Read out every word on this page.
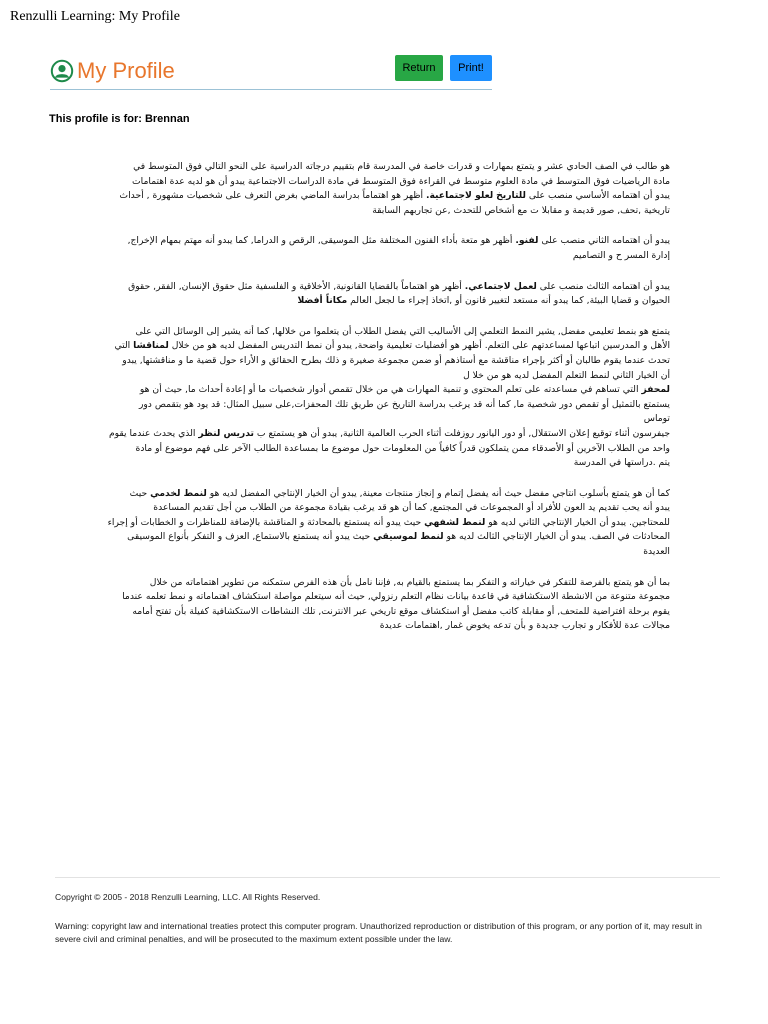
Renzulli Learning: My Profile
My Profile	Return	Print!
This profile is for: Brennan

هو طالب في الصف الحادي عشر و يتمتع بمهارات و قدرات خاصة في المدرسة قام بتقييم درجاته الدراسية على النحو التالي فوق المتوسط في

مادة الرياضيات فوق المتوسط في مادة العلوم متوسط في القراءة فوق المتوسط في مادة الدراسات الاجتماعية يبدو أن هو لديه عدة اهتمامات

يبدو أن اهتمامه الأساسي منصب على للتاريخ لعلو لاجتماعية. أظهر هو اهتماماً بدراسة الماضي بغرض التعرف على شخصيات مشهورة , أحداث

تاريخية ,تحف, صور قديمة و مقابلا ت مع أشخاص للتحدث ,عن تجاربهم السابقة

يبدو أن اهتمامه الثاني منصب على لفنو. أظهر هو متعة بأداء الفنون المختلفة مثل الموسيقى, الرقص و الدراما, كما يبدو أنه مهتم بمهام الإخراج,

إدارة المسر ح و التصاميم

يبدو أن اهتمامه الثالث منصب على لعمل لاجتماعي. أظهر هو اهتماماً بالقضايا القانونية, الأخلاقية و الفلسفية مثل حقوق الإنسان, الفقر, حقوق

الحيوان و قضايا البيئة, كما يبدو أنه مستعد لتغيير قانون أو ,اتخاذ إجراء ما لجعل العالم مكاناً أفضلا

يتمتع هو بنمط تعليمي مفضل, يشير النمط التعلمي إلى الأساليب التي يفضل الطلاب أن يتعلموا من خلالها, كما أنه يشير إلى الوسائل التي على

الأهل و المدرسين اتباعها لمساعدتهم على التعلم. أظهر هو أفضليات تعليمية واضحة, يبدو أن نمط التدريس المفضل لديه هو من خلال لمناقشا التي

تحدث عندما يقوم طالبان أو أكثر بإجراء مناقشة مع أستاذهم أو ضمن مجموعة صغيرة و ذلك بطرح الحقائق و الأراء حول قضية ما و مناقشتها, يبدو

أن الخيار الثاني لنمط التعلم المفضل لديه هو من خلا ل

لمحفز التي تساهم في مساعدته على تعلم المحتوى و تنمية المهارات هي من خلال تقمص أدوار شخصيات ما أو إعادة أحداث ما, حيث أن هو

يستمتع بالتمثيل أو تقمص دور شخصية ما, كما أنه قد يرغب بدراسة التاريخ عن طريق تلك المحفزات,على سبيل المثال: قد يود هو بتقمص دور

توماس

جيفرسون أثناء توقيع إعلان الاستقلال, أو دور اليانور روزفلت أثناء الحرب العالمية الثانية, يبدو أن هو يستمتع ب تدريس لنظر الذي يحدث عندما يقوم

واحد من الطلاب الآخرين أو الأصدقاء ممن يتملكون قدراً كافياً من المعلومات حول موضوع ما بمساعدة الطالب الآخر على فهم موضوع أو مادة

يتم .دراستها في المدرسة

كما أن هو يتمتع بأسلوب انتاجي مفضل حيث أنه يفضل إتمام و إنجاز منتجات معينة, يبدو أن الخيار الإنتاجي المفضل لديه هو لنمط لخدمي حيث

يبدو أنه يحب تقديم يد العون للأفراد أو المجموعات في المجتمع, كما أن هو قد يرغب بقيادة مجموعة من الطلاب من أجل تقديم المساعدة

للمحتاجين. يبدو أن الخيار الإنتاجي الثاني لديه هو لنمط لشفهي حيث يبدو أنه يستمتع بالمحادثة و المناقشة بالإضافة للمناظرات و الخطابات أو إجراء

المحادثات في الصف. يبدو أن الخيار الإنتاجي الثالث لديه هو لنمط لموسيقي حيث يبدو أنه يستمتع بالاستماع, العزف و التفكر بأنواع الموسيقى

العديدة

بما أن هو يتمتع بالفرصة للتفكر في خياراته و التفكر بما يستمتع بالقيام به, فإننا نامل بأن هذه الفرص ستمكنه من تطوير اهتماماته من خلال

مجموعة متنوعة من الانشطة الاستكشافية في قاعدة بيانات نظام التعلم رنزولي, حيث أنه سيتعلم مواصلة استكشاف اهتماماته و نمط تعلمه عندما

يقوم برحلة افتراضية للمتحف, أو مقابلة كاتب مفضل أو استكشاف موقع تاريخي عبر الانترنت, تلك النشاطات الاستكشافية كفيلة بأن تفتح أمامه

مجالات عدة للأفكار و تجارب جديدة و بأن تدعه يخوض غمار ,اهتمامات عديدة

Copyright © 2005 - 2018 Renzulli Learning, LLC. All Rights Reserved.

Warning: copyright law and international treaties protect this computer program. Unauthorized reproduction or distribution of this program, or any portion of it, may result in severe civil and criminal penalties, and will be prosecuted to the maximum extent possible under the law.
